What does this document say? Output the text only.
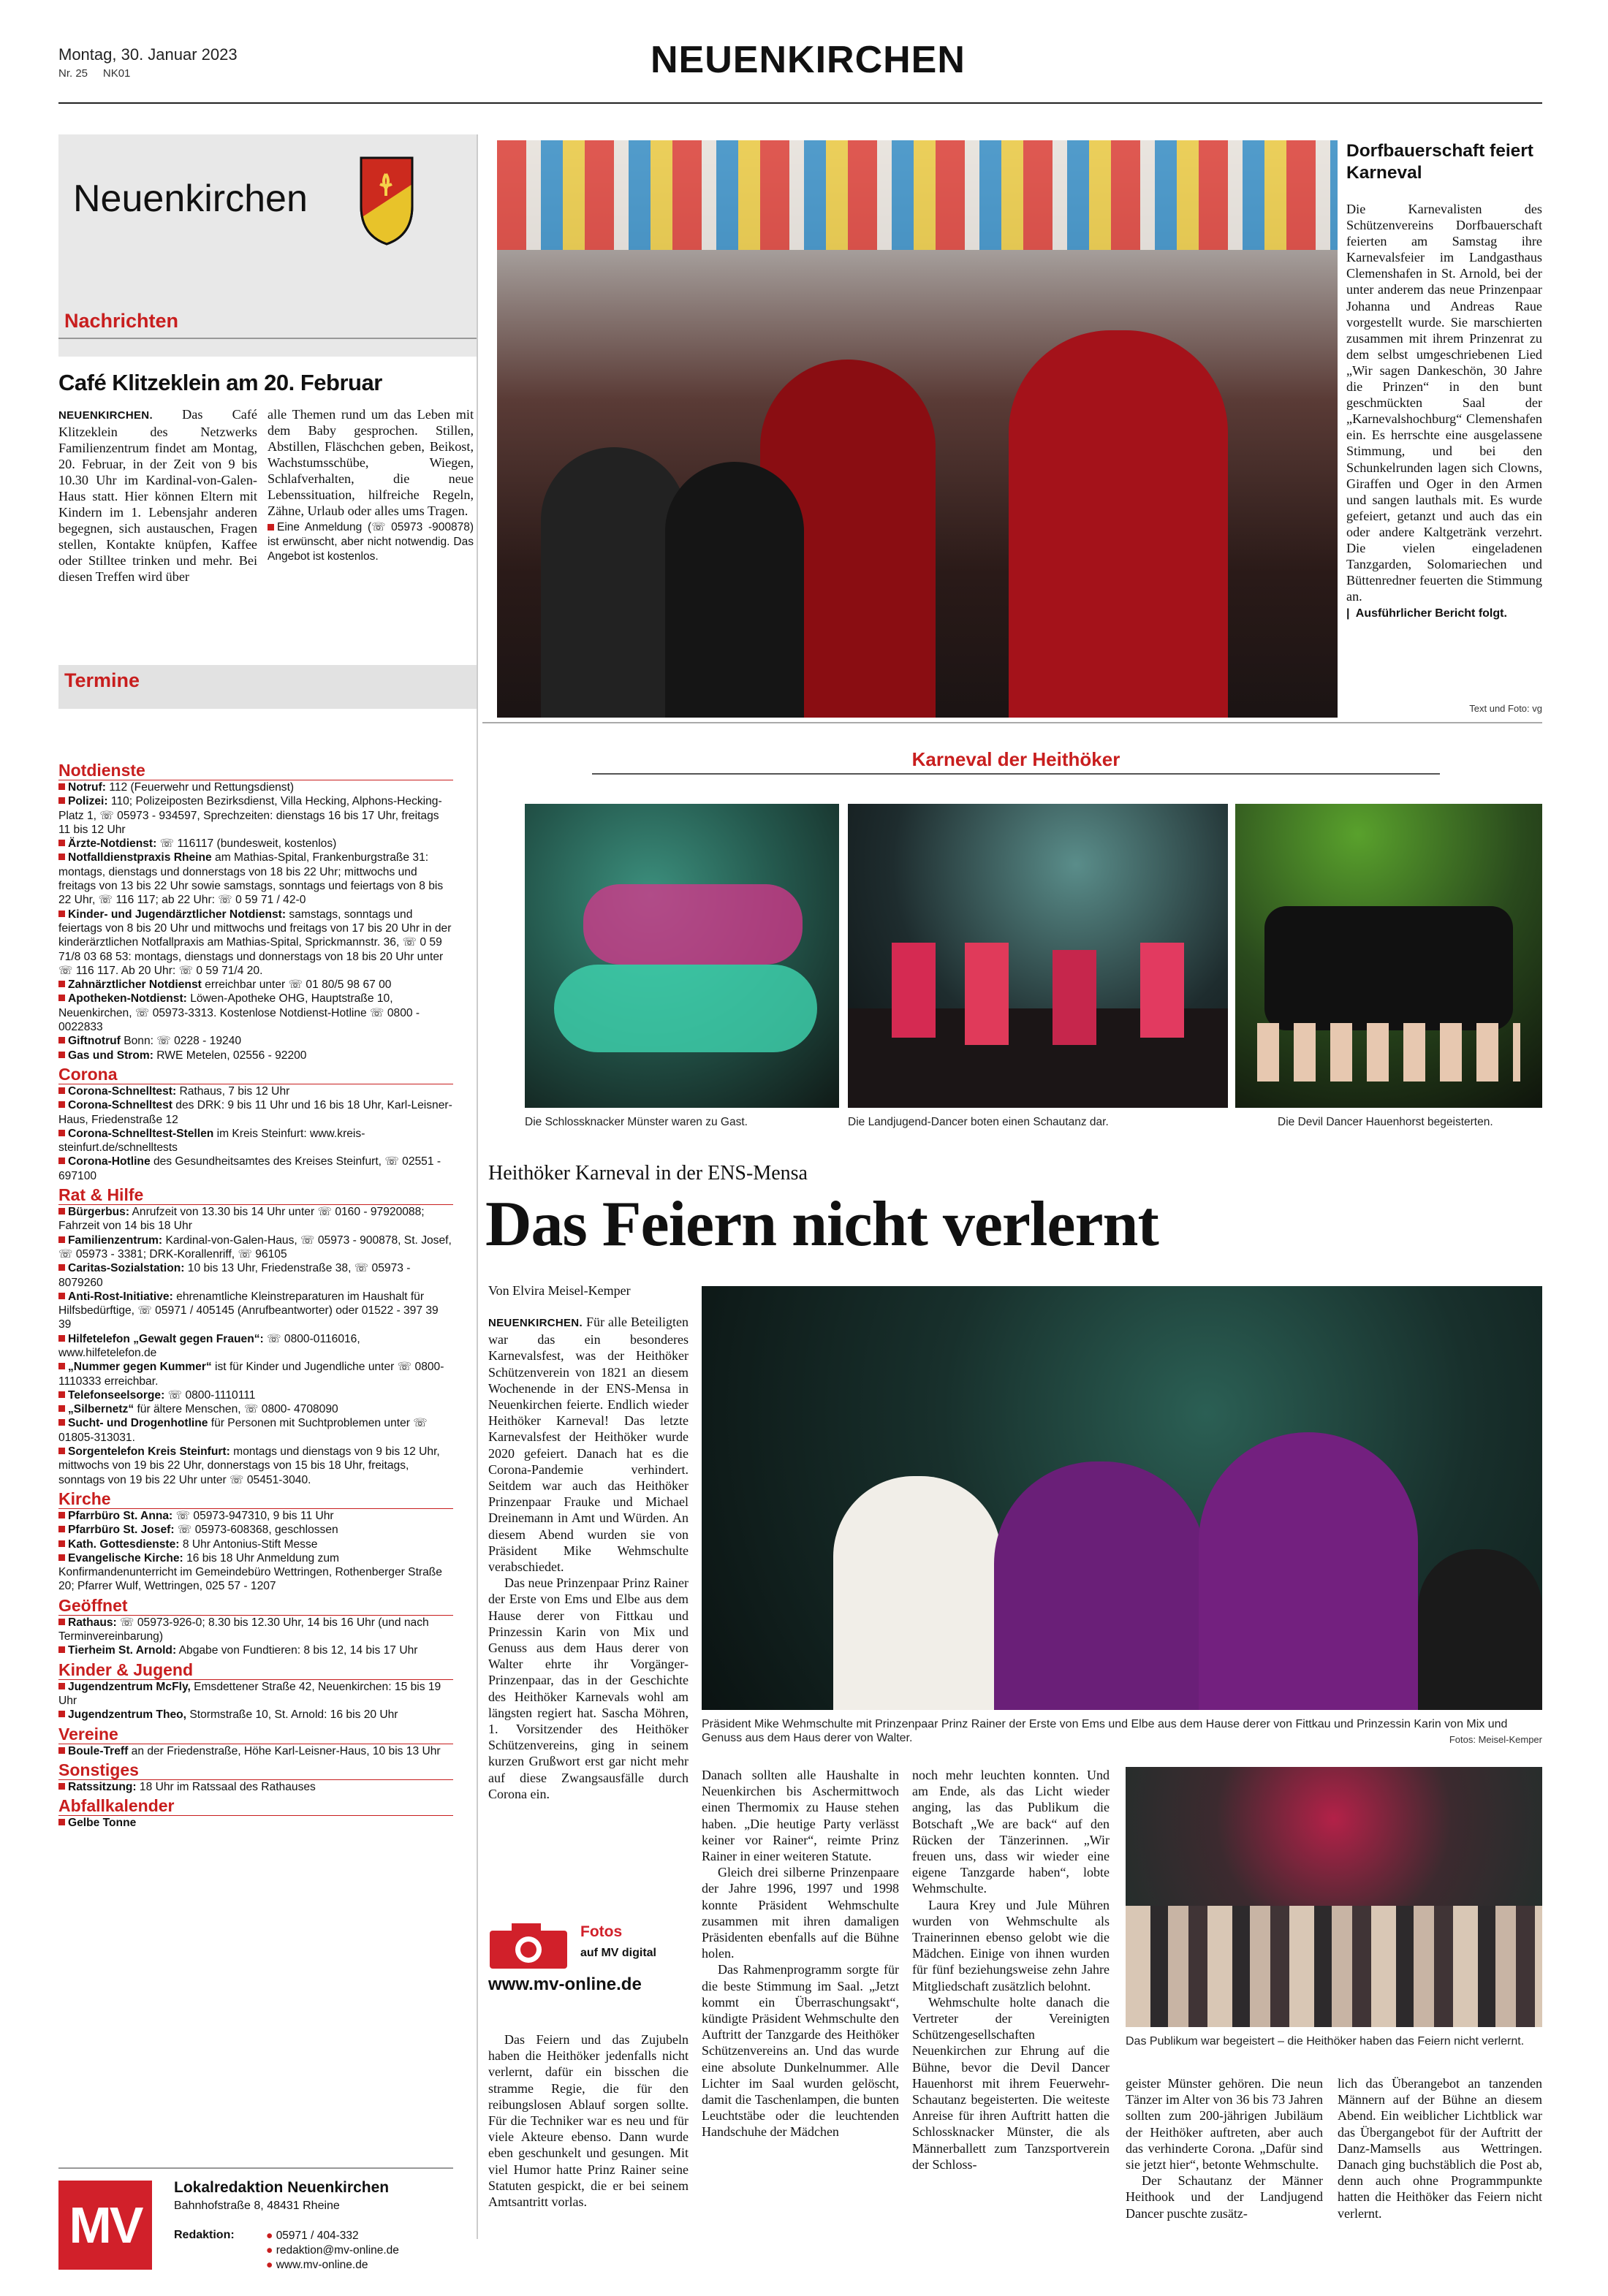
Montag, 30. Januar 2023
Nr. 25 NK01	NEUENKIRCHEN
Neuenkirchen
Nachrichten
Café Klitzeklein am 20. Februar
NEUENKIRCHEN. Das Café Klitzeklein des Netzwerks Familienzentrum findet am Montag, 20. Februar, in der Zeit von 9 bis 10.30 Uhr im Kardinal-von-Galen-Haus statt. Hier können Eltern mit Kindern im 1. Lebensjahr anderen begegnen, sich austauschen, Fragen stellen, Kontakte knüpfen, Kaffee oder Stilltee trinken und mehr. Bei diesen Treffen wird über

alle Themen rund um das Leben mit dem Baby gesprochen. Stillen, Abstillen, Fläschchen geben, Beikost, Wachstumsschübe, Wiegen, Schlafverhalten, die neue Lebenssituation, hilfreiche Regeln, Zähne, Urlaub oder alles ums Tragen.

Eine Anmeldung (☏ 05973 -900878) ist erwünscht, aber nicht notwendig. Das Angebot ist kostenlos.

Termine
Notdienste
Notruf: 112 (Feuerwehr und Rettungsdienst)
Polizei: 110; Polizeiposten Bezirksdienst, Villa Hecking, Alphons-Hecking-Platz 1, ☏ 05973 - 934597, Sprechzeiten: dienstags 16 bis 17 Uhr, freitags 11 bis 12 Uhr
Ärzte-Notdienst: ☏ 116117 (bundesweit, kostenlos)
Notfalldienstpraxis Rheine am Mathias-Spital, Frankenburgstraße 31: montags, dienstags und donnerstags von 18 bis 22 Uhr; mittwochs und freitags von 13 bis 22 Uhr sowie samstags, sonntags und feiertags von 8 bis 22 Uhr, ☏ 116 117; ab 22 Uhr: ☏ 0 59 71 / 42-0
Kinder- und Jugendärztlicher Notdienst: samstags, sonntags und feiertags von 8 bis 20 Uhr und mittwochs und freitags von 17 bis 20 Uhr in der kinderärztlichen Notfallpraxis am Mathias-Spital, Sprickmannstr. 36, ☏ 0 59 71/8 03 68 53: montags, dienstags und donnerstags von 18 bis 20 Uhr unter ☏ 116 117. Ab 20 Uhr: ☏ 0 59 71/4 20.
Zahnärztlicher Notdienst erreichbar unter ☏ 01 80/5 98 67 00
Apotheken-Notdienst: Löwen-Apotheke OHG, Hauptstraße 10, Neuenkirchen, ☏ 05973-3313. Kostenlose Notdienst-Hotline ☏ 0800 - 0022833
Giftnotruf Bonn: ☏ 0228 - 19240
Gas und Strom: RWE Metelen, 02556 - 92200
Corona
Corona-Schnelltest: Rathaus, 7 bis 12 Uhr
Corona-Schnelltest des DRK: 9 bis 11 Uhr und 16 bis 18 Uhr, Karl-Leisner-Haus, Friedenstraße 12
Corona-Schnelltest-Stellen im Kreis Steinfurt: www.kreis-steinfurt.de/schnelltests
Corona-Hotline des Gesundheitsamtes des Kreises Steinfurt, ☏ 02551 - 697100
Rat & Hilfe
Bürgerbus: Anrufzeit von 13.30 bis 14 Uhr unter ☏ 0160 - 97920088; Fahrzeit von 14 bis 18 Uhr
Familienzentrum: Kardinal-von-Galen-Haus, ☏ 05973 - 900878, St. Josef, ☏ 05973 - 3381; DRK-Korallenriff, ☏ 96105
Caritas-Sozialstation: 10 bis 13 Uhr, Friedenstraße 38, ☏ 05973 - 8079260
Anti-Rost-Initiative: ehrenamtliche Kleinstreparaturen im Haushalt für Hilfsbedürftige, ☏ 05971 / 405145 (Anrufbeantworter) oder 01522 - 397 39 39
Hilfetelefon „Gewalt gegen Frauen“: ☏ 0800-0116016, www.hilfetelefon.de
„Nummer gegen Kummer“ ist für Kinder und Jugendliche unter ☏ 0800-1110333 erreichbar.
Telefonseelsorge: ☏ 0800-1110111
„Silbernetz“ für ältere Menschen, ☏ 0800- 4708090
Sucht- und Drogenhotline für Personen mit Suchtproblemen unter ☏ 01805-313031.
Sorgentelefon Kreis Steinfurt: montags und dienstags von 9 bis 12 Uhr, mittwochs von 19 bis 22 Uhr, donnerstags von 15 bis 18 Uhr, freitags, sonntags von 19 bis 22 Uhr unter ☏ 05451-3040.
Kirche
Pfarrbüro St. Anna: ☏ 05973-947310, 9 bis 11 Uhr
Pfarrbüro St. Josef: ☏ 05973-608368, geschlossen
Kath. Gottesdienste: 8 Uhr Antonius-Stift Messe
Evangelische Kirche: 16 bis 18 Uhr Anmeldung zum Konfirmandenunterricht im Gemeindebüro Wettringen, Rothenberger Straße 20; Pfarrer Wulf, Wettringen, 025 57 - 1207
Geöffnet
Rathaus: ☏ 05973-926-0; 8.30 bis 12.30 Uhr, 14 bis 16 Uhr (und nach Terminvereinbarung)
Tierheim St. Arnold: Abgabe von Fundtieren: 8 bis 12, 14 bis 17 Uhr
Kinder & Jugend
Jugendzentrum McFly, Emsdettener Straße 42, Neuenkirchen: 15 bis 19 Uhr
Jugendzentrum Theo, Stormstraße 10, St. Arnold: 16 bis 20 Uhr
Vereine
Boule-Treff an der Friedenstraße, Höhe Karl-Leisner-Haus, 10 bis 13 Uhr
Sonstiges
Ratssitzung: 18 Uhr im Ratssaal des Rathauses
Abfallkalender
Gelbe Tonne
MV
Lokalredaktion Neuenkirchen
Bahnhofstraße 8, 48431 Rheine
Redaktion:	● 05971 / 404-332
● redaktion@mv-online.de
● www.mv-online.de
Dorfbauerschaft feiert Karneval
Die Karnevalisten des Schützenvereins Dorfbauerschaft feierten am Samstag ihre Karnevalsfeier im Landgasthaus Clemenshafen in St. Arnold, bei der unter anderem das neue Prinzenpaar Johanna und Andreas Raue vorgestellt wurde. Sie marschierten zusammen mit ihrem Prinzenrat zu dem selbst umgeschriebenen Lied „Wir sagen Dankeschön, 30 Jahre die Prinzen“ in den bunt geschmückten Saal der „Karnevalshochburg“ Clemenshafen ein. Es herrschte eine ausgelassene Stimmung, und bei den Schunkelrunden lagen sich Clowns, Giraffen und Oger in den Armen und sangen lauthals mit. Es wurde gefeiert, getanzt und auch das ein oder andere Kaltgetränk verzehrt. Die vielen eingeladenen Tanzgarden, Solomariechen und Büttenredner feuerten die Stimmung an.
|  Ausführlicher Bericht folgt.
Text und Foto: vg
Karneval der Heithöker
Die Schlossknacker Münster waren zu Gast.	Die Landjugend-Dancer boten einen Schautanz dar.	Die Devil Dancer Hauenhorst begeisterten.
Heithöker Karneval in der ENS-Mensa
Das Feiern nicht verlernt
Von Elvira Meisel-Kemper

NEUENKIRCHEN. Für alle Beteiligten war das ein besonderes Karnevalsfest, was der Heithöker Schützenverein von 1821 an diesem Wochenende in der ENS-Mensa in Neuenkirchen feierte. Endlich wieder Heithöker Karneval! Das letzte Karnevalsfest der Heithöker wurde 2020 gefeiert. Danach hat es die Corona-Pandemie verhindert. Seitdem war auch das Heithöker Prinzenpaar Frauke und Michael Dreinemann in Amt und Würden. An diesem Abend wurden sie von Präsident Mike Wehmschulte verabschiedet.

Das neue Prinzenpaar Prinz Rainer der Erste von Ems und Elbe aus dem Hause derer von Fittkau und Prinzessin Karin von Mix und Genuss aus dem Haus derer von Walter ehrte ihr Vorgänger-Prinzenpaar, das in der Geschichte des Heithöker Karnevals wohl am längsten regiert hat. Sascha Möhren, 1. Vorsitzender des Heithöker Schützenvereins, ging in seinem kurzen Grußwort erst gar nicht mehr auf diese Zwangsausfälle durch Corona ein.

Fotos
auf MV digital
www.mv-online.de

Das Feiern und das Zujubeln haben die Heithöker jedenfalls nicht verlernt, dafür ein bisschen die stramme Regie, die für den reibungslosen Ablauf sorgen sollte. Für die Techniker war es neu und für viele Akteure ebenso. Dann wurde eben geschunkelt und gesungen. Mit viel Humor hatte Prinz Rainer seine Statuten gespickt, die er bei seinem Amtsantritt vorlas.

Präsident Mike Wehmschulte mit Prinzenpaar Prinz Rainer der Erste von Ems und Elbe aus dem Hause derer von Fittkau und Prinzessin Karin von Mix und Genuss aus dem Haus derer von Walter.	Fotos: Meisel-Kemper

Danach sollten alle Haushalte in Neuenkirchen bis Aschermittwoch einen Thermomix zu Hause stehen haben. „Die heutige Party verlässt keiner vor Rainer“, reimte Prinz Rainer in einer weiteren Statute.

Gleich drei silberne Prinzenpaare der Jahre 1996, 1997 und 1998 konnte Präsident Wehmschulte zusammen mit ihren damaligen Präsidenten ebenfalls auf die Bühne holen.

Das Rahmenprogramm sorgte für die beste Stimmung im Saal. „Jetzt kommt ein Überraschungsakt“, kündigte Präsident Wehmschulte den Auftritt der Tanzgarde des Heithöker Schützenvereins an. Und das wurde eine absolute Dunkelnummer. Alle Lichter im Saal wurden gelöscht, damit die Taschenlampen, die bunten Leuchtstäbe oder die leuchtenden Handschuhe der Mädchen

noch mehr leuchten konnten. Und am Ende, als das Licht wieder anging, las das Publikum die Botschaft „We are back“ auf den Rücken der Tänzerinnen. „Wir freuen uns, dass wir wieder eine eigene Tanzgarde haben“, lobte Wehmschulte.

Laura Krey und Jule Mühren wurden von Wehmschulte als Trainerinnen ebenso gelobt wie die Mädchen. Einige von ihnen wurden für fünf beziehungsweise zehn Jahre Mitgliedschaft zusätzlich belohnt.

Wehmschulte holte danach die Vertreter der Vereinigten Schützengesellschaften Neuenkirchen zur Ehrung auf die Bühne, bevor die Devil Dancer Hauenhorst mit ihrem Feuerwehr-Schautanz begeisterten. Die weiteste Anreise für ihren Auftritt hatten die Schlossknacker Münster, die als Männerballett zum Tanzsportverein der Schloss-

Das Publikum war begeistert – die Heithöker haben das Feiern nicht verlernt.

geister Münster gehören. Die neun Tänzer im Alter von 36 bis 73 Jahren sollten zum 200-jährigen Jubiläum der Heithöker auftreten, aber auch das verhinderte Corona. „Dafür sind sie jetzt hier“, betonte Wehmschulte.

Der Schautanz der Männer Heithook und der Landjugend Dancer puschte zusätz-

lich das Überangebot an tanzenden Männern auf der Bühne an diesem Abend. Ein weiblicher Lichtblick war das Übergangebot für der Auftritt der Danz-Mamsells aus Wettringen. Danach ging buchstäblich die Post ab, denn auch ohne Programmpunkte hatten die Heithöker das Feiern nicht verlernt.
